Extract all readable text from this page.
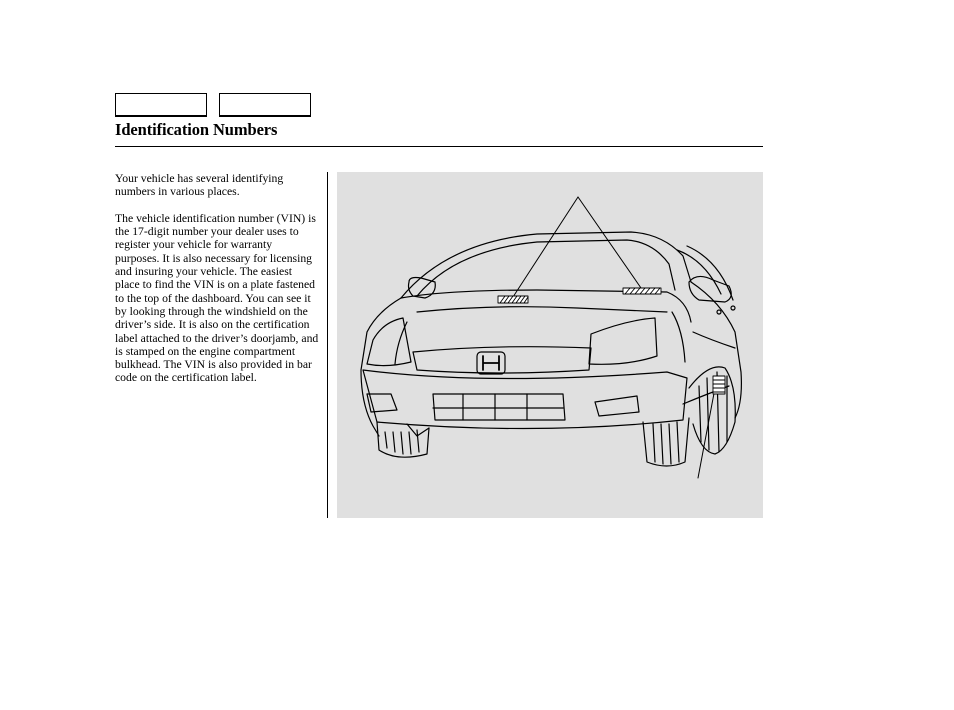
Identification Numbers

Your vehicle has several identifying numbers in various places.

The vehicle identification number (VIN) is the 17-digit number your dealer uses to register your vehicle for warranty purposes. It is also necessary for licensing and insuring your vehicle. The easiest place to find the VIN is on a plate fastened to the top of the dashboard. You can see it by looking through the windshield on the driver’s side. It is also on the certification label attached to the driver’s doorjamb, and is stamped on the engine compartment bulkhead. The VIN is also provided in bar code on the certification label.
